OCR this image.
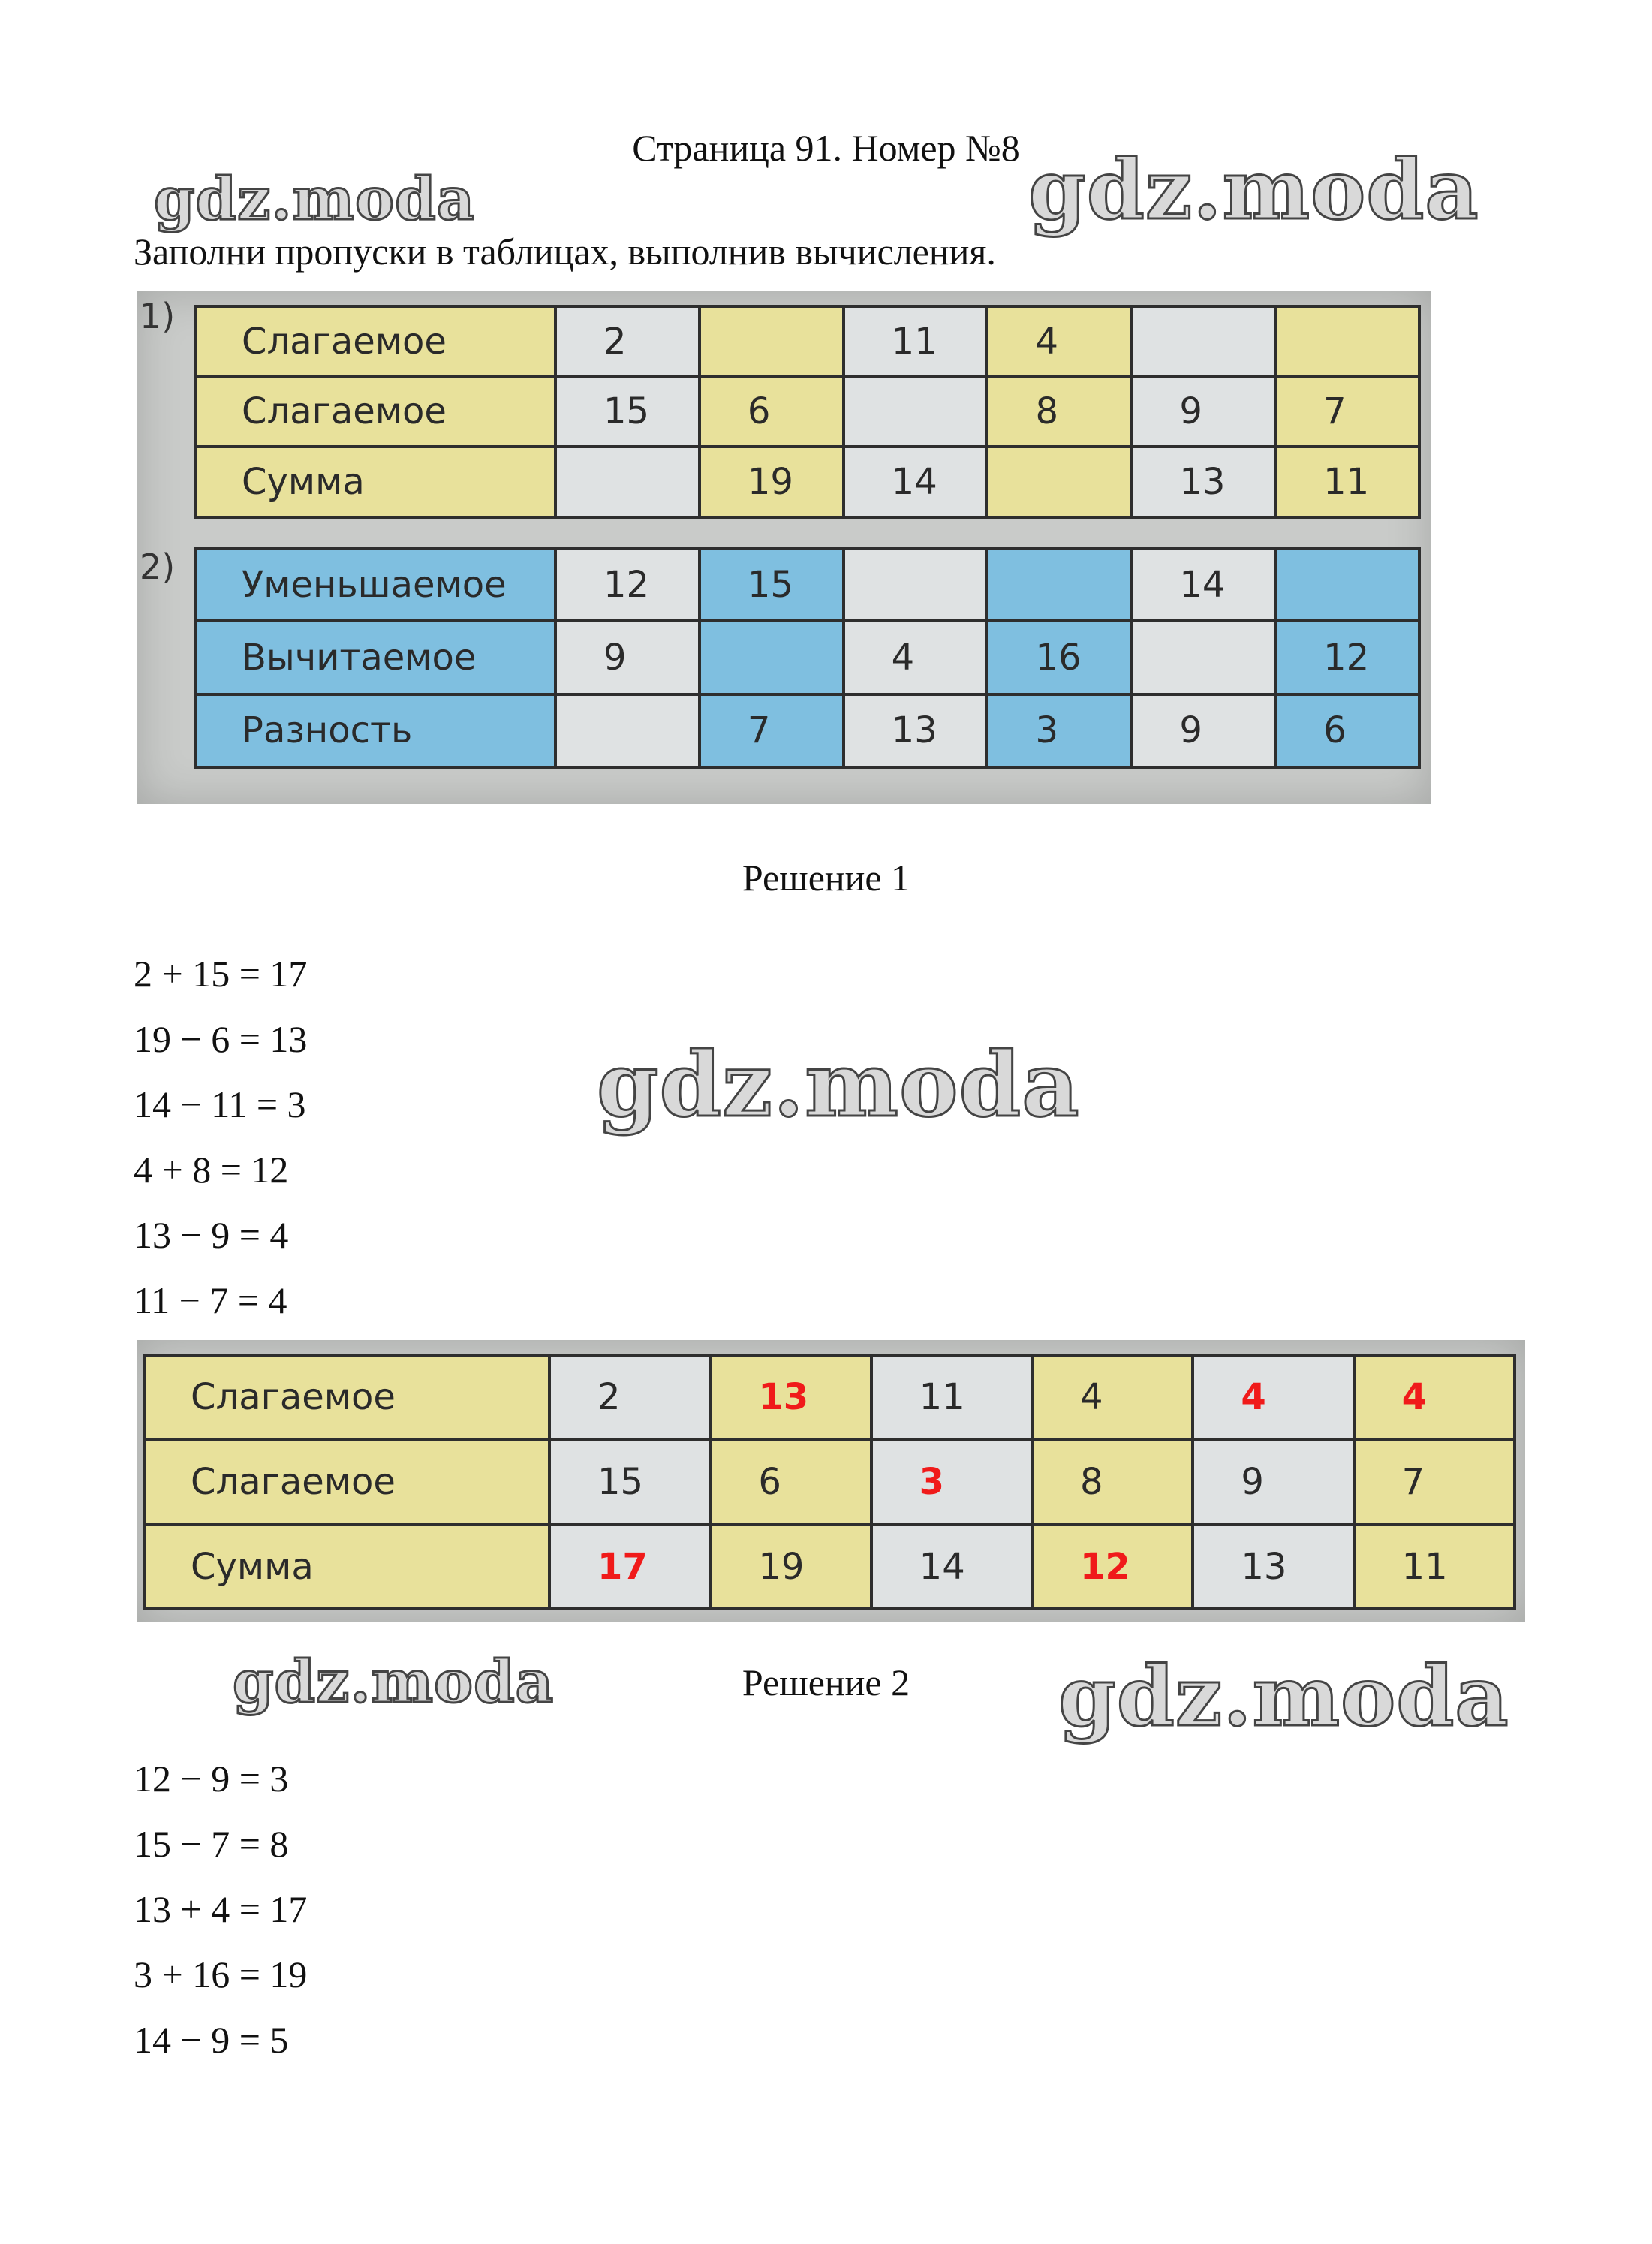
Страница 91. Номер №8
Заполни пропуски в таблицах, выполнив вычисления.
gdz.moda	gdz.moda
gdz.moda
gdz.moda	gdz.moda
1)
2)
Слагаемое	2		11	4		
Слагаемое	15	6		8	9	7
Сумма		19	14		13	11
Уменьшаемое	12	15			14	
Вычитаемое	9		4	16		12
Разность		7	13	3	9	6
Решение 1
2 + 15 = 17
19 − 6 = 13
14 − 11 = 3
4 + 8 = 12
13 − 9 = 4
11 − 7 = 4
Слагаемое	2	13	11	4	4	4
Слагаемое	15	6	3	8	9	7
Сумма	17	19	14	12	13	11
Решение 2
12 − 9 = 3
15 − 7 = 8
13 + 4 = 17
3 + 16 = 19
14 − 9 = 5
